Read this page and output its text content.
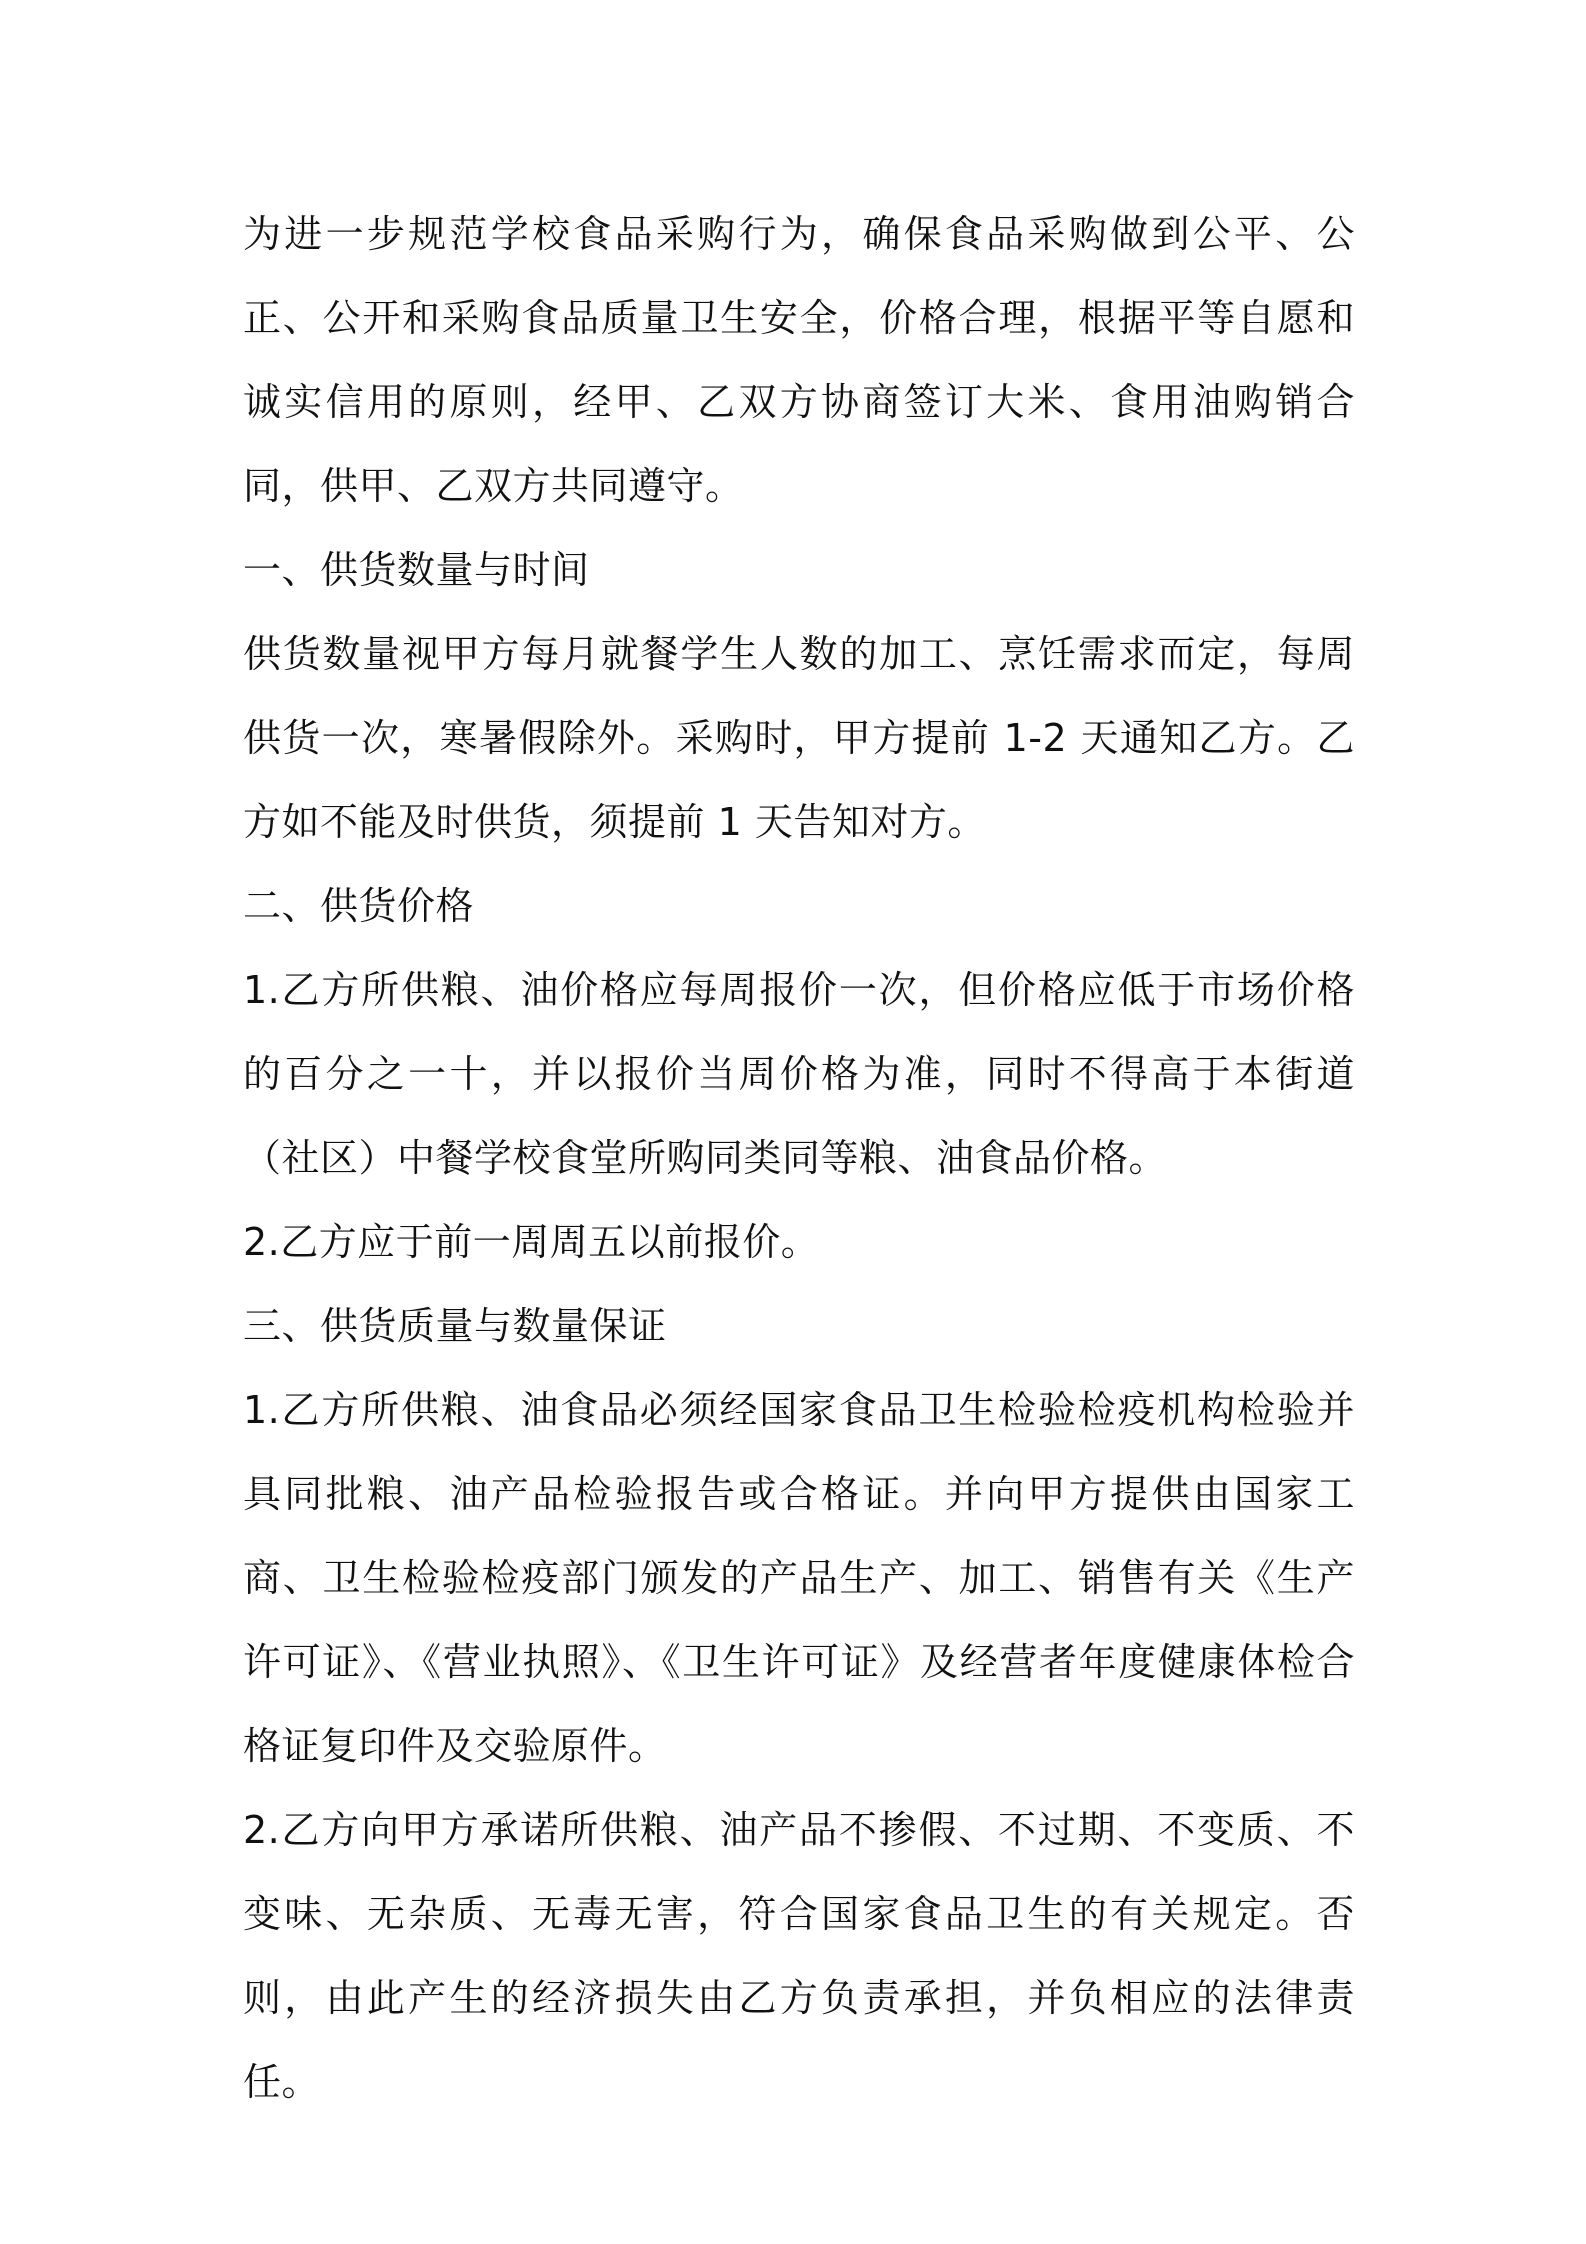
为进一步规范学校食品采购行为，确保食品采购做到公平、公正、公开和采购食品质量卫生安全，价格合理，根据平等自愿和诚实信用的原则，经甲、乙双方协商签订大米、食用油购销合同，供甲、乙双方共同遵守。

一、供货数量与时间

供货数量视甲方每月就餐学生人数的加工、烹饪需求而定，每周供货一次，寒暑假除外。采购时，甲方提前 1-2 天通知乙方。乙方如不能及时供货，须提前 1 天告知对方。

二、供货价格

1.乙方所供粮、油价格应每周报价一次，但价格应低于市场价格的百分之一十，并以报价当周价格为准，同时不得高于本街道（社区）中餐学校食堂所购同类同等粮、油食品价格。

2.乙方应于前一周周五以前报价。

三、供货质量与数量保证

1.乙方所供粮、油食品必须经国家食品卫生检验检疫机构检验并具同批粮、油产品检验报告或合格证。并向甲方提供由国家工商、卫生检验检疫部门颁发的产品生产、加工、销售有关《生产许可证》、《营业执照》、《卫生许可证》及经营者年度健康体检合格证复印件及交验原件。

2.乙方向甲方承诺所供粮、油产品不掺假、不过期、不变质、不变味、无杂质、无毒无害，符合国家食品卫生的有关规定。否则，由此产生的经济损失由乙方负责承担，并负相应的法律责任。
